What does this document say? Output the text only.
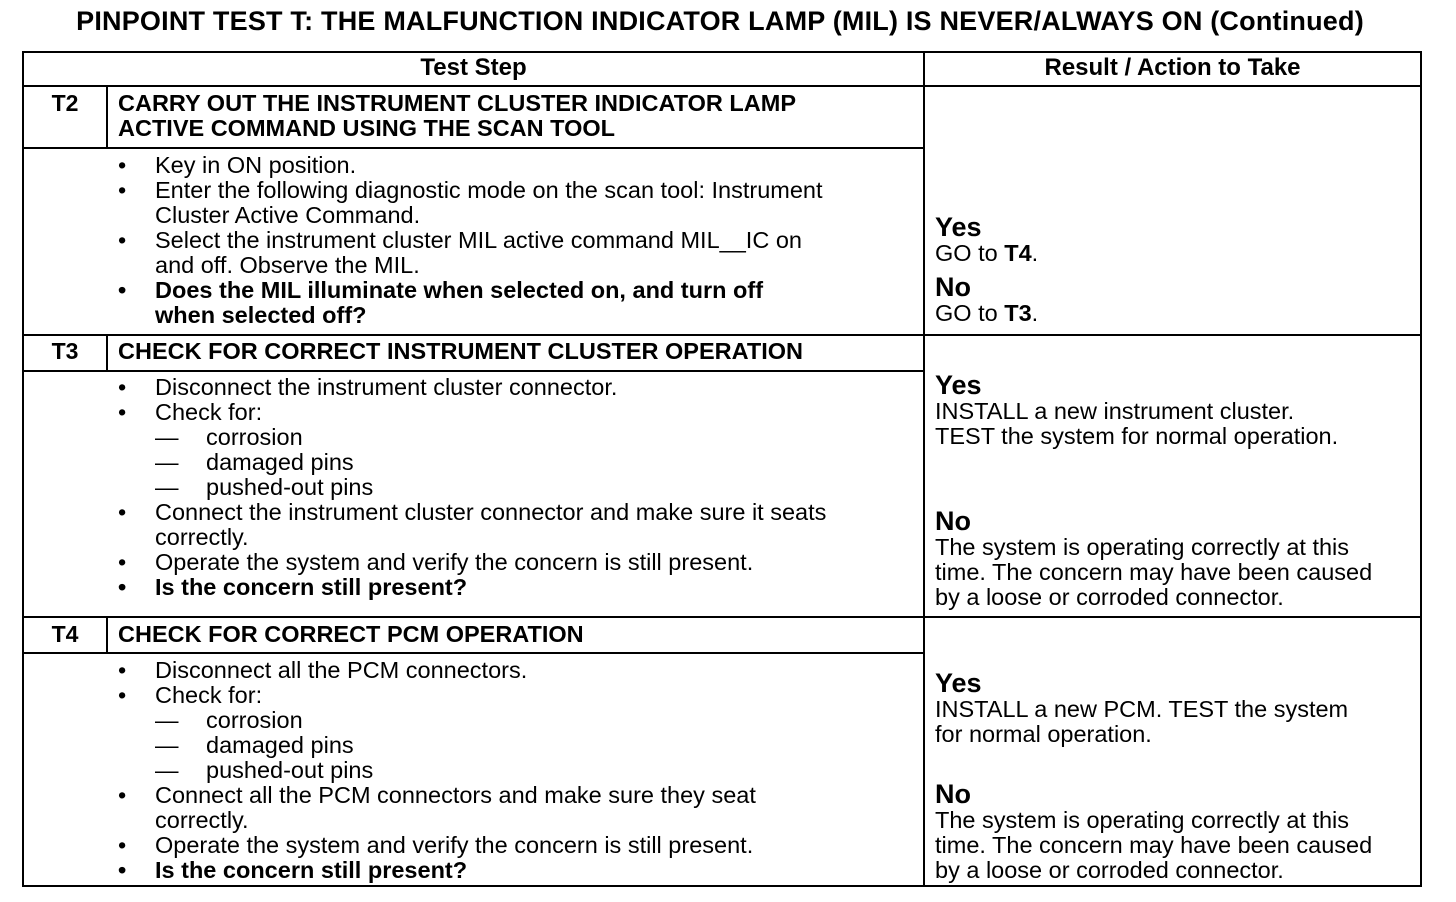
PINPOINT TEST T: THE MALFUNCTION INDICATOR LAMP (MIL) IS NEVER/ALWAYS ON (Continued)
Test Step	Result / Action to Take
T2	CARRY OUT THE INSTRUMENT CLUSTER INDICATOR LAMP
ACTIVE COMMAND USING THE SCAN TOOL
•	Key in ON position.
•	Enter the following diagnostic mode on the scan tool: Instrument
Cluster Active Command.
•	Select the instrument cluster MIL active command MIL__IC on
and off. Observe the MIL.
•	Does the MIL illuminate when selected on, and turn off
when selected off?
Yes
GO to T4.
No
GO to T3.
T3	CHECK FOR CORRECT INSTRUMENT CLUSTER OPERATION
•	Disconnect the instrument cluster connector.
•	Check for:
— corrosion
— damaged pins
— pushed-out pins
•	Connect the instrument cluster connector and make sure it seats
correctly.
•	Operate the system and verify the concern is still present.
•	Is the concern still present?
Yes
INSTALL a new instrument cluster.
TEST the system for normal operation.
No
The system is operating correctly at this
time. The concern may have been caused
by a loose or corroded connector.
T4	CHECK FOR CORRECT PCM OPERATION
•	Disconnect all the PCM connectors.
•	Check for:
— corrosion
— damaged pins
— pushed-out pins
•	Connect all the PCM connectors and make sure they seat
correctly.
•	Operate the system and verify the concern is still present.
•	Is the concern still present?
Yes
INSTALL a new PCM. TEST the system
for normal operation.
No
The system is operating correctly at this
time. The concern may have been caused
by a loose or corroded connector.
